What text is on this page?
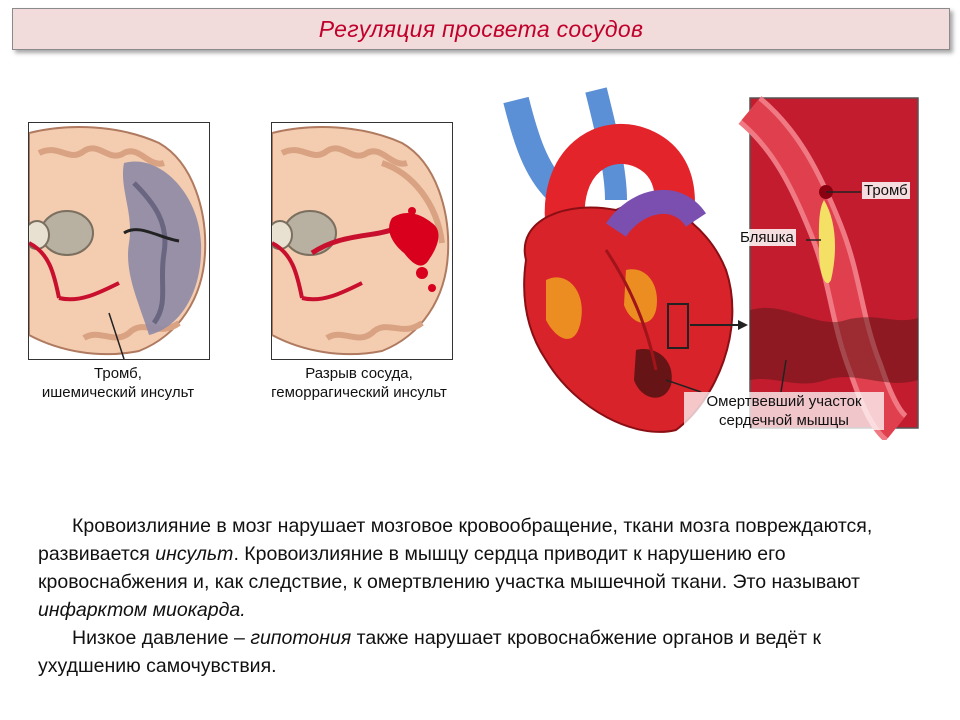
Регуляция просвета сосудов
Тромб,
ишемический инсульт
Разрыв сосуда,
геморрагический инсульт
Тромб
Бляшка
Омертвевший участок
сердечной мышцы

Кровоизлияние в мозг нарушает мозговое кровообращение, ткани мозга повреждаются, развивается инсульт. Кровоизлияние в мышцу сердца приводит к нарушению его кровоснабжения и, как следствие, к омертвлению участка мышечной ткани. Это называют инфарктом миокарда.

Низкое давление – гипотония также нарушает кровоснабжение органов и ведёт к ухудшению самочувствия.
